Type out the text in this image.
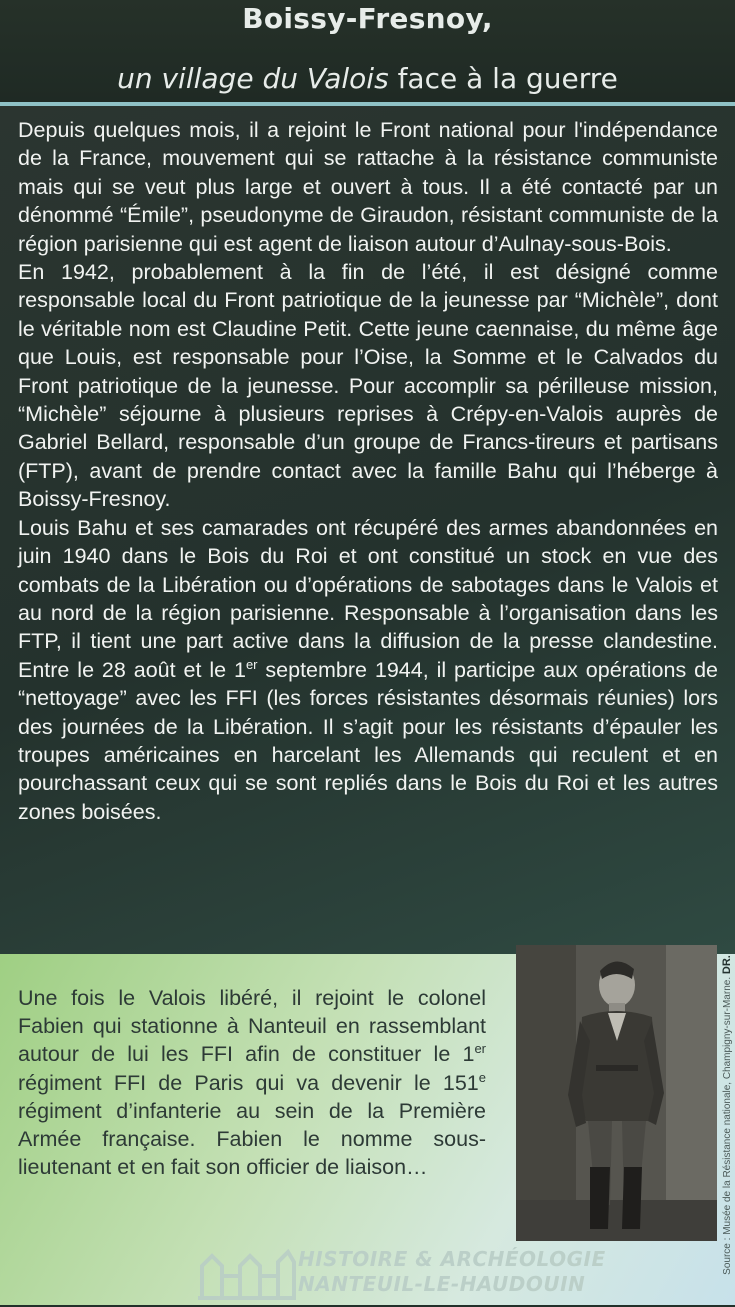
Boissy-Fresnoy,
un village du Valois face à la guerre

Depuis quelques mois, il a rejoint le Front national pour l'indépendance de la France, mouvement qui se rattache à la résistance communiste mais qui se veut plus large et ouvert à tous. Il a été contacté par un dénommé “Émile”, pseudonyme de Giraudon, résistant communiste de la région parisienne qui est agent de liaison autour d’Aulnay-sous-Bois.

En 1942, probablement à la fin de l’été, il est désigné comme responsable local du Front patriotique de la jeunesse par “Michèle”, dont le véritable nom est Claudine Petit. Cette jeune caennaise, du même âge que Louis, est responsable pour l’Oise, la Somme et le Calvados du Front patriotique de la jeunesse. Pour accomplir sa périlleuse mission, “Michèle” séjourne à plusieurs reprises à Crépy-en-Valois auprès de Gabriel Bellard, responsable d’un groupe de Francs-tireurs et partisans (FTP), avant de prendre contact avec la famille Bahu qui l’héberge à Boissy-Fresnoy.

Louis Bahu et ses camarades ont récupéré des armes abandonnées en juin 1940 dans le Bois du Roi et ont constitué un stock en vue des combats de la Libération ou d’opérations de sabotages dans le Valois et au nord de la région parisienne. Responsable à l’organisation dans les FTP, il tient une part active dans la diffusion de la presse clandestine. Entre le 28 août et le 1er septembre 1944, il participe aux opérations de “nettoyage” avec les FFI (les forces résistantes désormais réunies) lors des journées de la Libération. Il s’agit pour les résistants d’épauler les troupes américaines en harcelant les Allemands qui reculent et en pourchassant ceux qui se sont repliés dans le Bois du Roi et les autres zones boisées.

Une fois le Valois libéré, il rejoint le colonel Fabien qui stationne à Nanteuil en rassemblant autour de lui les FFI afin de constituer le 1er régiment FFI de Paris qui va devenir le 151e régiment d’infanterie au sein de la Première Armée française. Fabien le nomme sous-lieutenant et en fait son officier de liaison…	Source : Musée de la Résistance nationale, Champigny-sur-Marne. DR.
HISTOIRE & ARCHÉOLOGIE
NANTEUIL-LE-HAUDOUIN
